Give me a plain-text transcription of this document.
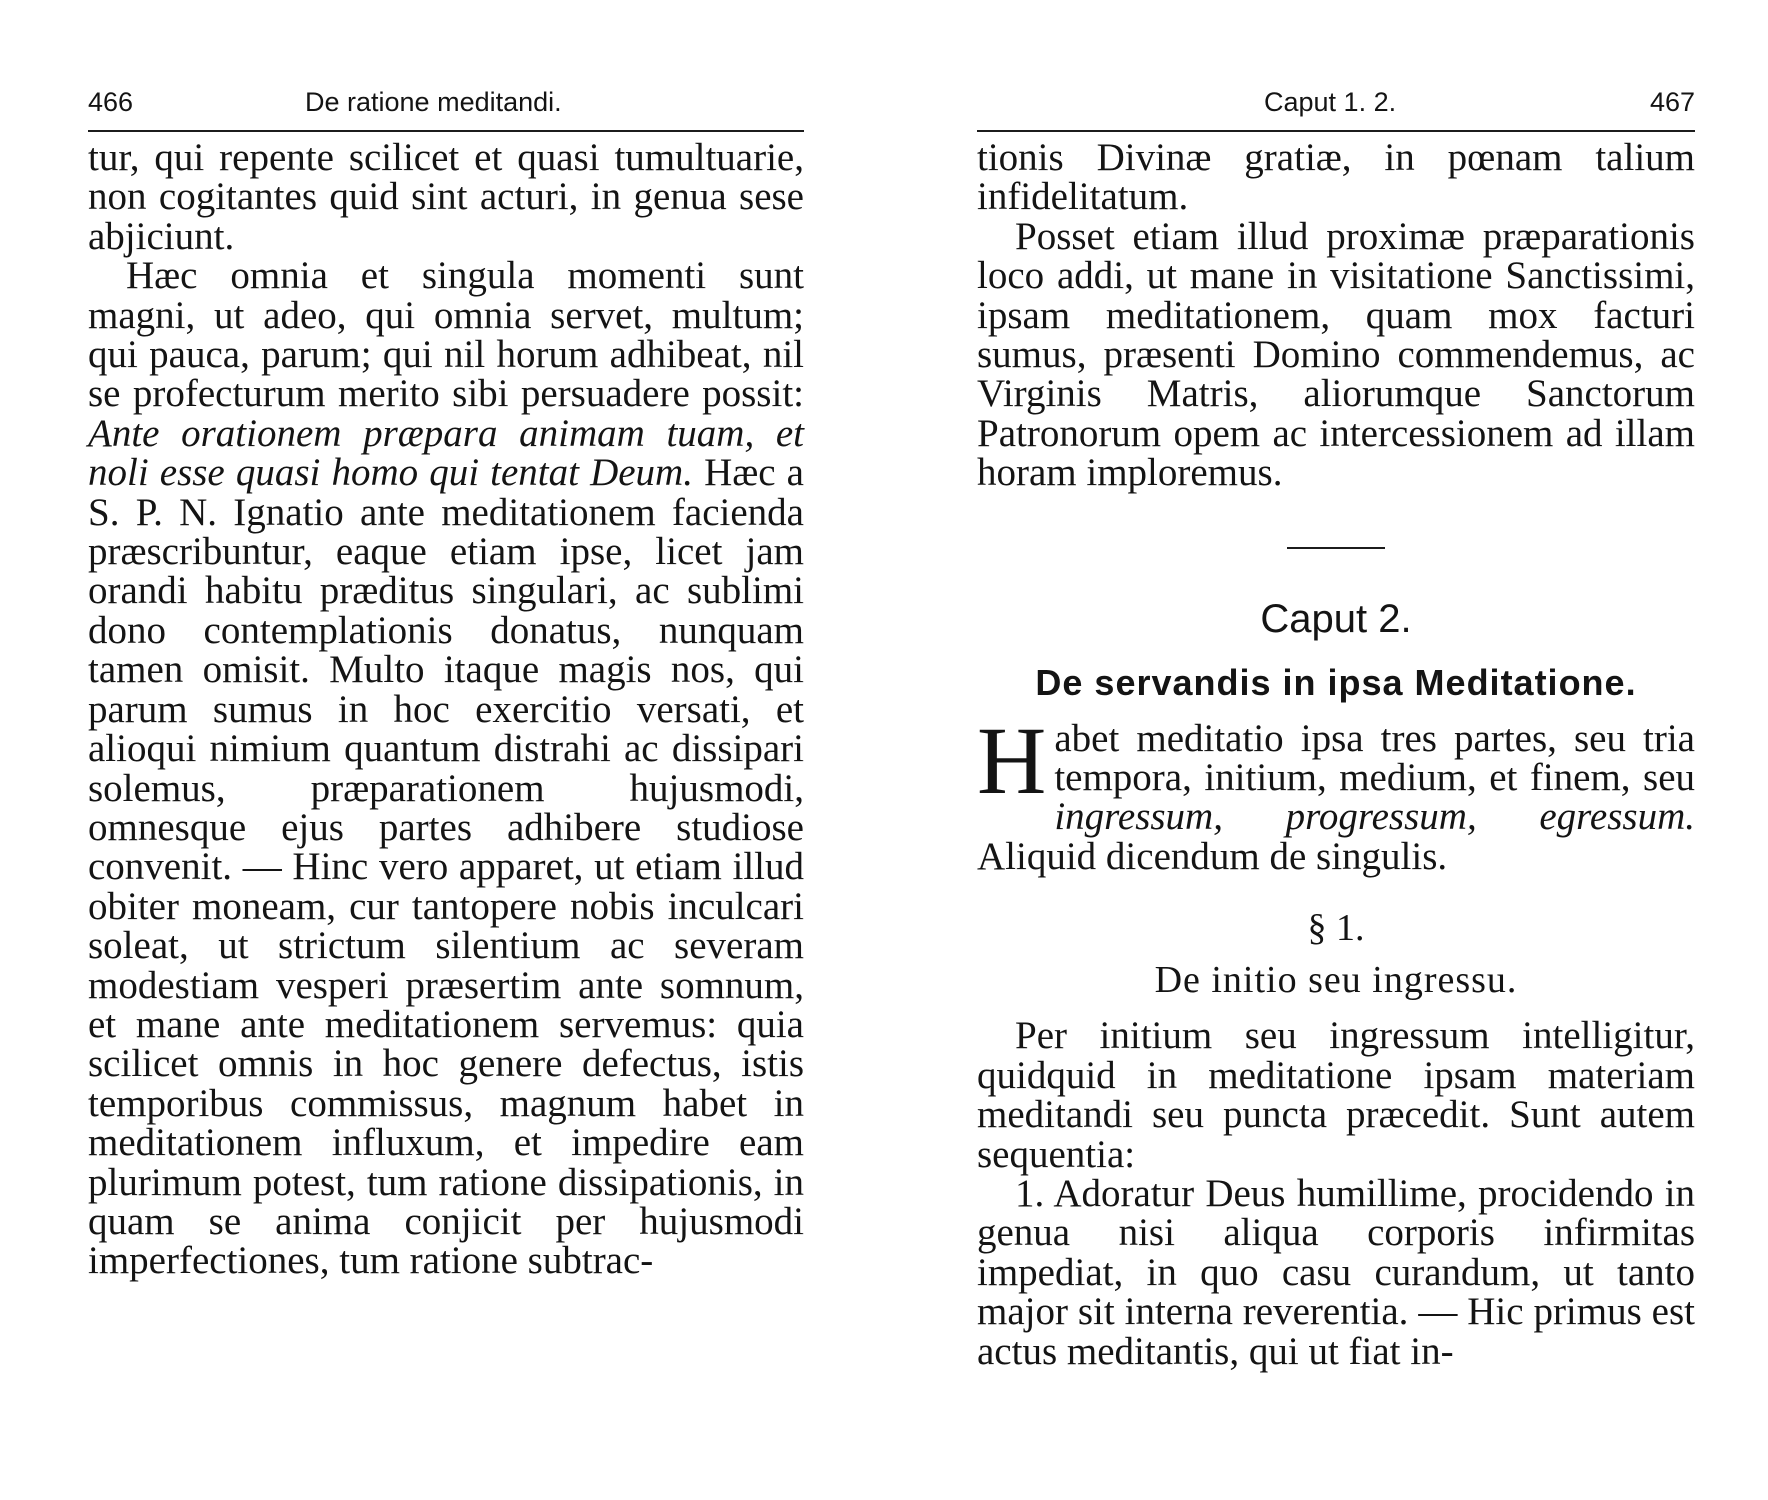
466	De ratione meditandi.

tur, qui repente scilicet et quasi tumultuarie, non cogitantes quid sint acturi, in genua sese abjiciunt.

Hæc omnia et singula momenti sunt magni, ut adeo, qui omnia servet, multum; qui pauca, parum; qui nil horum adhibeat, nil se profecturum merito sibi persuadere possit: Ante orationem præpara animam tuam, et noli esse quasi homo qui tentat Deum. Hæc a S. P. N. Ignatio ante meditationem facienda præscribuntur, eaque etiam ipse, licet jam orandi habitu præditus singulari, ac sublimi dono contemplationis donatus, nunquam tamen omisit. Multo itaque magis nos, qui parum sumus in hoc exercitio versati, et alioqui nimium quantum distrahi ac dissipari solemus, præparationem hujusmodi, omnesque ejus partes adhibere studiose convenit. — Hinc vero apparet, ut etiam illud obiter moneam, cur tantopere nobis inculcari soleat, ut strictum silentium ac severam modestiam vesperi præsertim ante somnum, et mane ante meditationem servemus: quia scilicet omnis in hoc genere defectus, istis temporibus commissus, magnum habet in meditationem influxum, et impedire eam plurimum potest, tum ratione dissipationis, in quam se anima conjicit per hujusmodi imperfectiones, tum ratione subtrac-

Caput 1. 2.	467

tionis Divinæ gratiæ, in pœnam talium infidelitatum.

Posset etiam illud proximæ præparationis loco addi, ut mane in visitatione Sanctissimi, ipsam meditationem, quam mox facturi sumus, præsenti Domino commendemus, ac Virginis Matris, aliorumque Sanctorum Patronorum opem ac intercessionem ad illam horam imploremus.

Caput 2.
De servandis in ipsa Meditatione.

Habet meditatio ipsa tres partes, seu tria tempora, initium, medium, et finem, seu ingressum, progressum, egressum. Aliquid dicendum de singulis.

§ 1.
De initio seu ingressu.

Per initium seu ingressum intelligitur, quidquid in meditatione ipsam materiam meditandi seu puncta præcedit. Sunt autem sequentia:

1. Adoratur Deus humillime, procidendo in genua nisi aliqua corporis infirmitas impediat, in quo casu curandum, ut tanto major sit interna reverentia. — Hic primus est actus meditantis, qui ut fiat in-
